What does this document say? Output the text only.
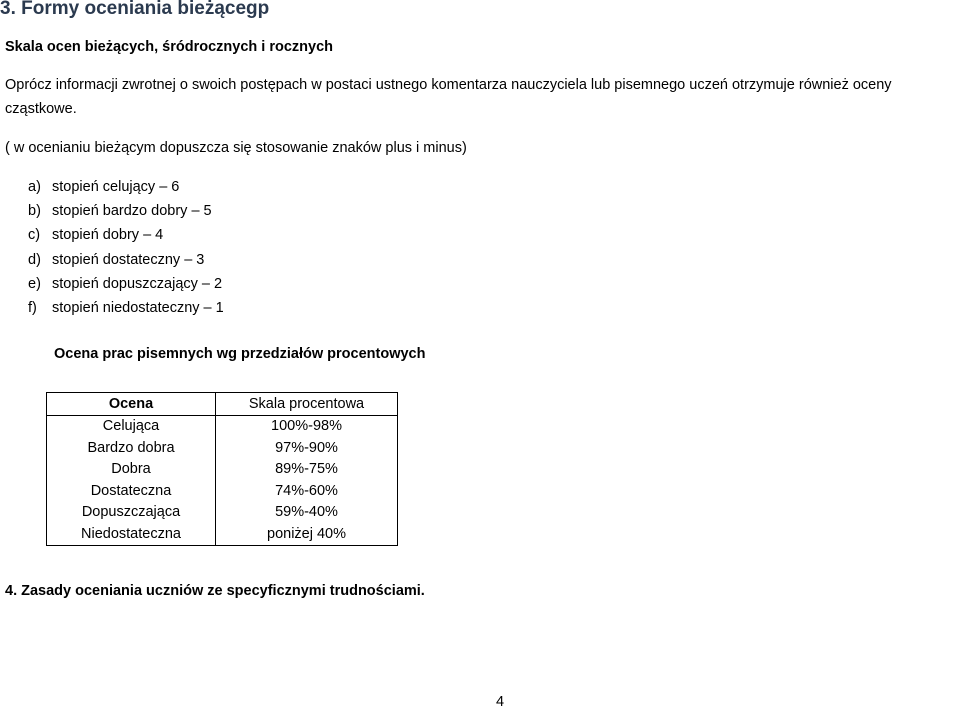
3. Formy oceniania bieżącegp
Skala ocen bieżących, śródrocznych i rocznych
Oprócz informacji zwrotnej o swoich postępach w postaci ustnego komentarza nauczyciela lub pisemnego uczeń otrzymuje również oceny
cząstkowe.
( w ocenianiu bieżącym dopuszcza się stosowanie znaków plus i minus)
a) stopień celujący – 6
b) stopień bardzo dobry – 5
c) stopień dobry – 4
d) stopień dostateczny – 3
e) stopień dopuszczający – 2
f) stopień niedostateczny – 1
Ocena prac pisemnych wg przedziałów procentowych
Ocena	Skala procentowa
Celująca	100%-98%
Bardzo dobra	97%-90%
Dobra	89%-75%
Dostateczna	74%-60%
Dopuszczająca	59%-40%
Niedostateczna	poniżej 40%
4. Zasady oceniania uczniów ze specyficznymi trudnościami.
4
